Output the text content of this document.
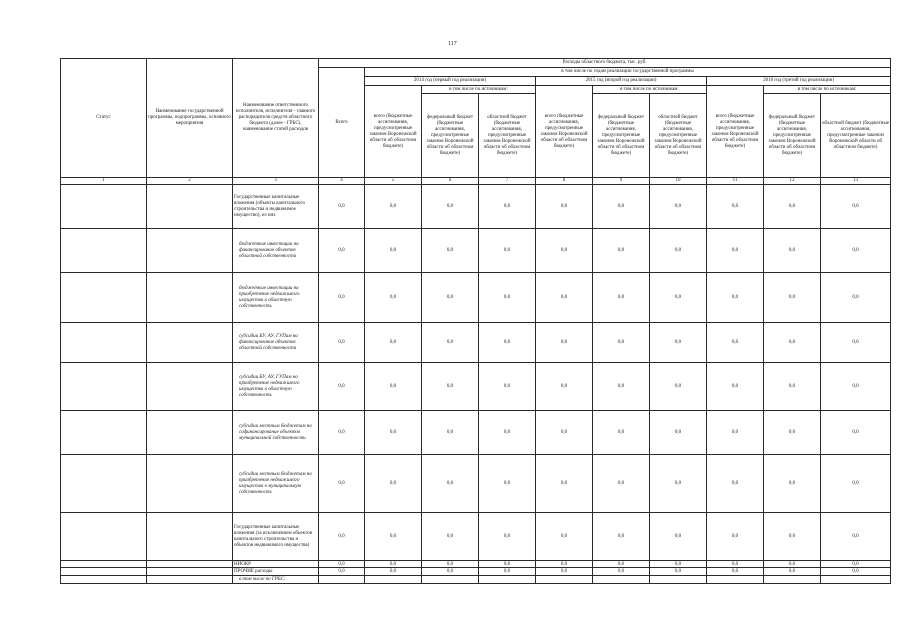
117
Статус	Наименование государственной программы, подпрограммы, основного мероприятия	Наименование ответственного исполнителя, исполнителя - главного распорядителя средств областного бюджета (далее - ГРБС), наименование статей расходов	Расходы областного бюджета, тыс. руб.									
			Всего	в том числе по годам реализации государственной программы								
				2014 год (первый год реализации)			2015 год (второй год реализации)			2016 год (третий год реализации)		
				всего (бюджетные ассигнования, предусмотренные законом Воронежской области об областном бюджете)	в том числе по источникам:		всего (бюджетные ассигнования, предусмотренные законом Воронежской области об областном бюджете)	в том числе по источникам:		всего (бюджетные ассигнования, предусмотренные законом Воронежской области об областном бюджете)	в том числе по источникам:	
					федеральный бюджет (бюджетные ассигнования, предусмотренные законом Воронежской области об областном бюджете)	областной бюджет (бюджетные ассигнования, предусмотренные законом Воронежской области об областном бюджете)		федеральный бюджет (бюджетные ассигнования, предусмотренные законом Воронежской области об областном бюджете)	областной бюджет (бюджетные ассигнования, предусмотренные законом Воронежской области об областном бюджете)		федеральный бюджет (бюджетные ассигнования, предусмотренные законом Воронежской области об областном бюджете)	областной бюджет (бюджетные ассигнования, предусмотренные законом Воронежской области об областном бюджете)
1	2	3	4	5	6	7	8	9	10	11	12	13
		Государственные капитальные вложения (объекты капитального строительства и недвижимое имущество), из них	0,0	0,0	0,0	0,0	0,0	0,0	0,0	0,0	0,0	0,0
		бюджетные инвестиции на финансирование объектов областной собственности	0,0	0,0	0,0	0,0	0,0	0,0	0,0	0,0	0,0	0,0
		бюджетные инвестиции на приобретение недвижимого имущества в областную собственность	0,0	0,0	0,0	0,0	0,0	0,0	0,0	0,0	0,0	0,0
		субсидии БУ, АУ, ГУПам на финансирование объектов областной собственности	0,0	0,0	0,0	0,0	0,0	0,0	0,0	0,0	0,0	0,0
		субсидии БУ, АУ, ГУПам на приобретение недвижимого имущества в областную собственность	0,0	0,0	0,0	0,0	0,0	0,0	0,0	0,0	0,0	0,0
		субсидии местным бюджетам на софинансирование объектов муниципальной собственности	0,0	0,0	0,0	0,0	0,0	0,0	0,0	0,0	0,0	0,0
		субсидии местным бюджетам на приобретение недвижимого имущества в муниципальную собственность	0,0	0,0	0,0	0,0	0,0	0,0	0,0	0,0	0,0	0,0
		Государственные капитальные вложения (за исключением объектов капитального строительства и объектов недвижимого имущества)	0,0	0,0	0,0	0,0	0,0	0,0	0,0	0,0	0,0	0,0
		НИОКР	0,0	0,0	0,0	0,0	0,0	0,0	0,0	0,0	0,0	0,0
		ПРОЧИЕ расходы	0,0	0,0	0,0	0,0	0,0	0,0	0,0	0,0	0,0	0,0
		в том числе по ГРБС:										
